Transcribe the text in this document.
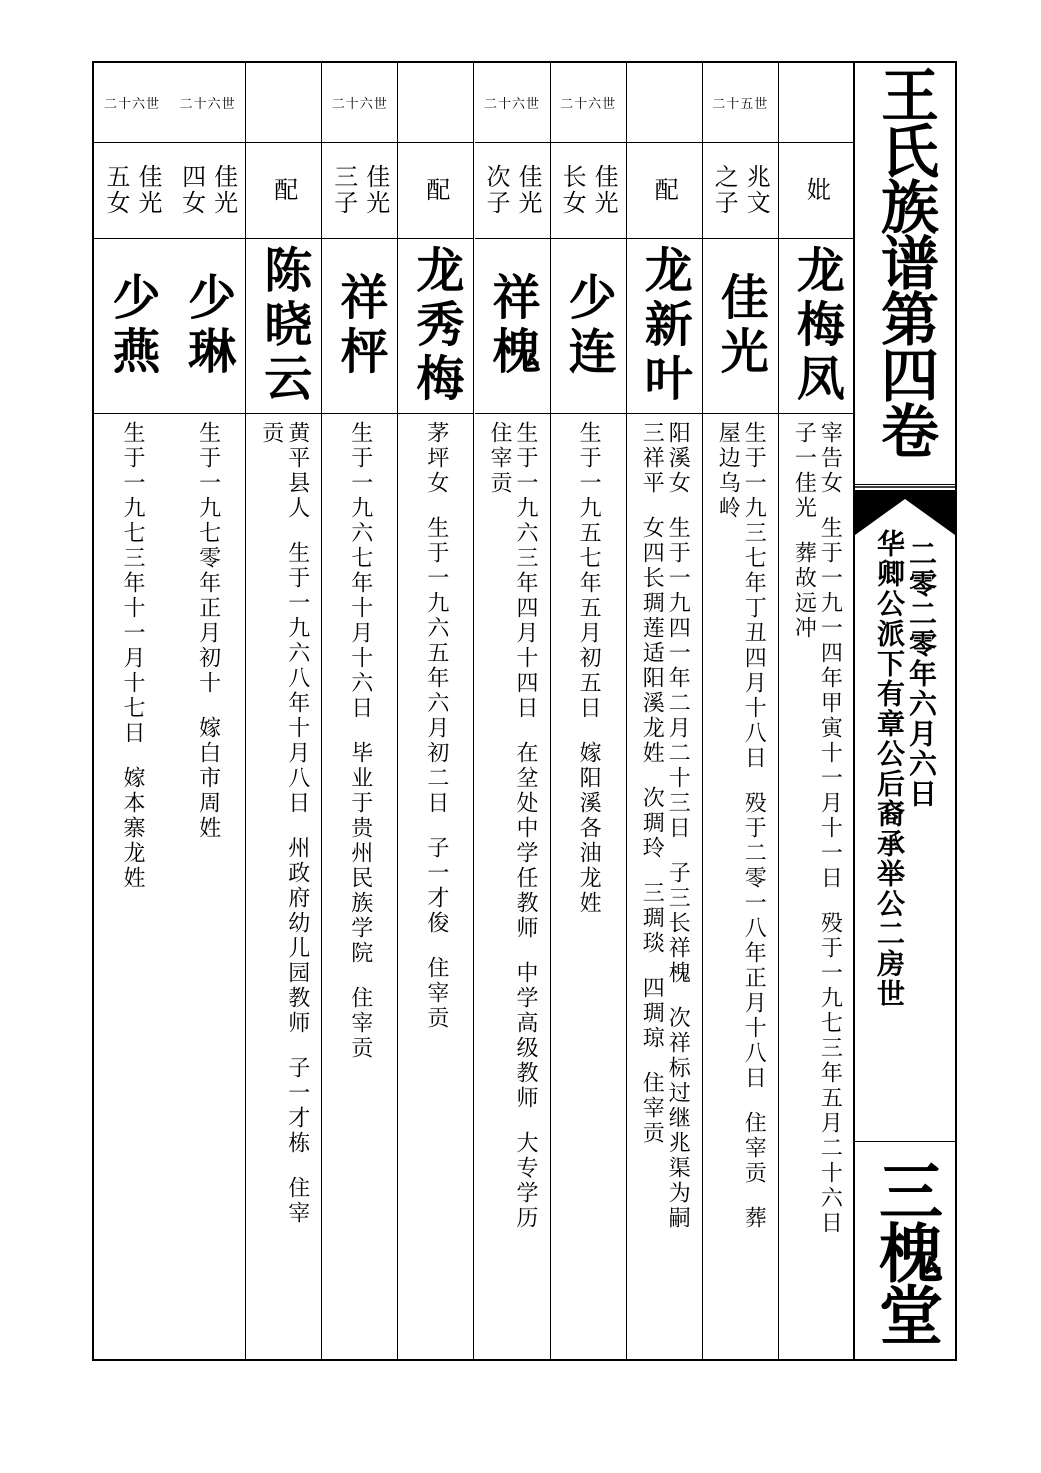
妣
龙梅凤
宰告女  生于一九一四年甲寅十一月十一日  殁于一九七三年五月二十六日
子一佳光  葬故远冲
二十五世
兆文
之子
佳光
生于一九三七年丁丑四月十八日  殁于二零一八年正月十八日  住宰贡  葬
屋边乌岭
配
龙新叶
阳溪女  生于一九四一年二月二十三日  子三长祥槐  次祥标过继兆渠为嗣
三祥平  女四长琱莲适阳溪龙姓  次琱玲  三琱琰  四琱琼  住宰贡
二十六世
佳光
长女
少连
生于一九五七年五月初五日  嫁阳溪各油龙姓
二十六世
佳光
次子
祥槐
生于一九六三年四月十四日  在坌处中学任教师  中学高级教师  大专学历
住宰贡
配
龙秀梅
茅坪女  生于一九六五年六月初二日  子一才俊  住宰贡
二十六世
佳光
三子
祥枰
生于一九六七年十月十六日  毕业于贵州民族学院  住宰贡
配
陈晓云
黄平县人  生于一九六八年十月八日  州政府幼儿园教师  子一才栋  住宰
贡
二十六世
佳光
四女
少琳
生于一九七零年正月初十  嫁白市周姓
二十六世
佳光
五女
少燕
生于一九七三年十一月十七日  嫁本寨龙姓
王氏族谱第四卷
华卿公派下有章公后裔承举公二房世 二零二零年六月六日
三槐堂
